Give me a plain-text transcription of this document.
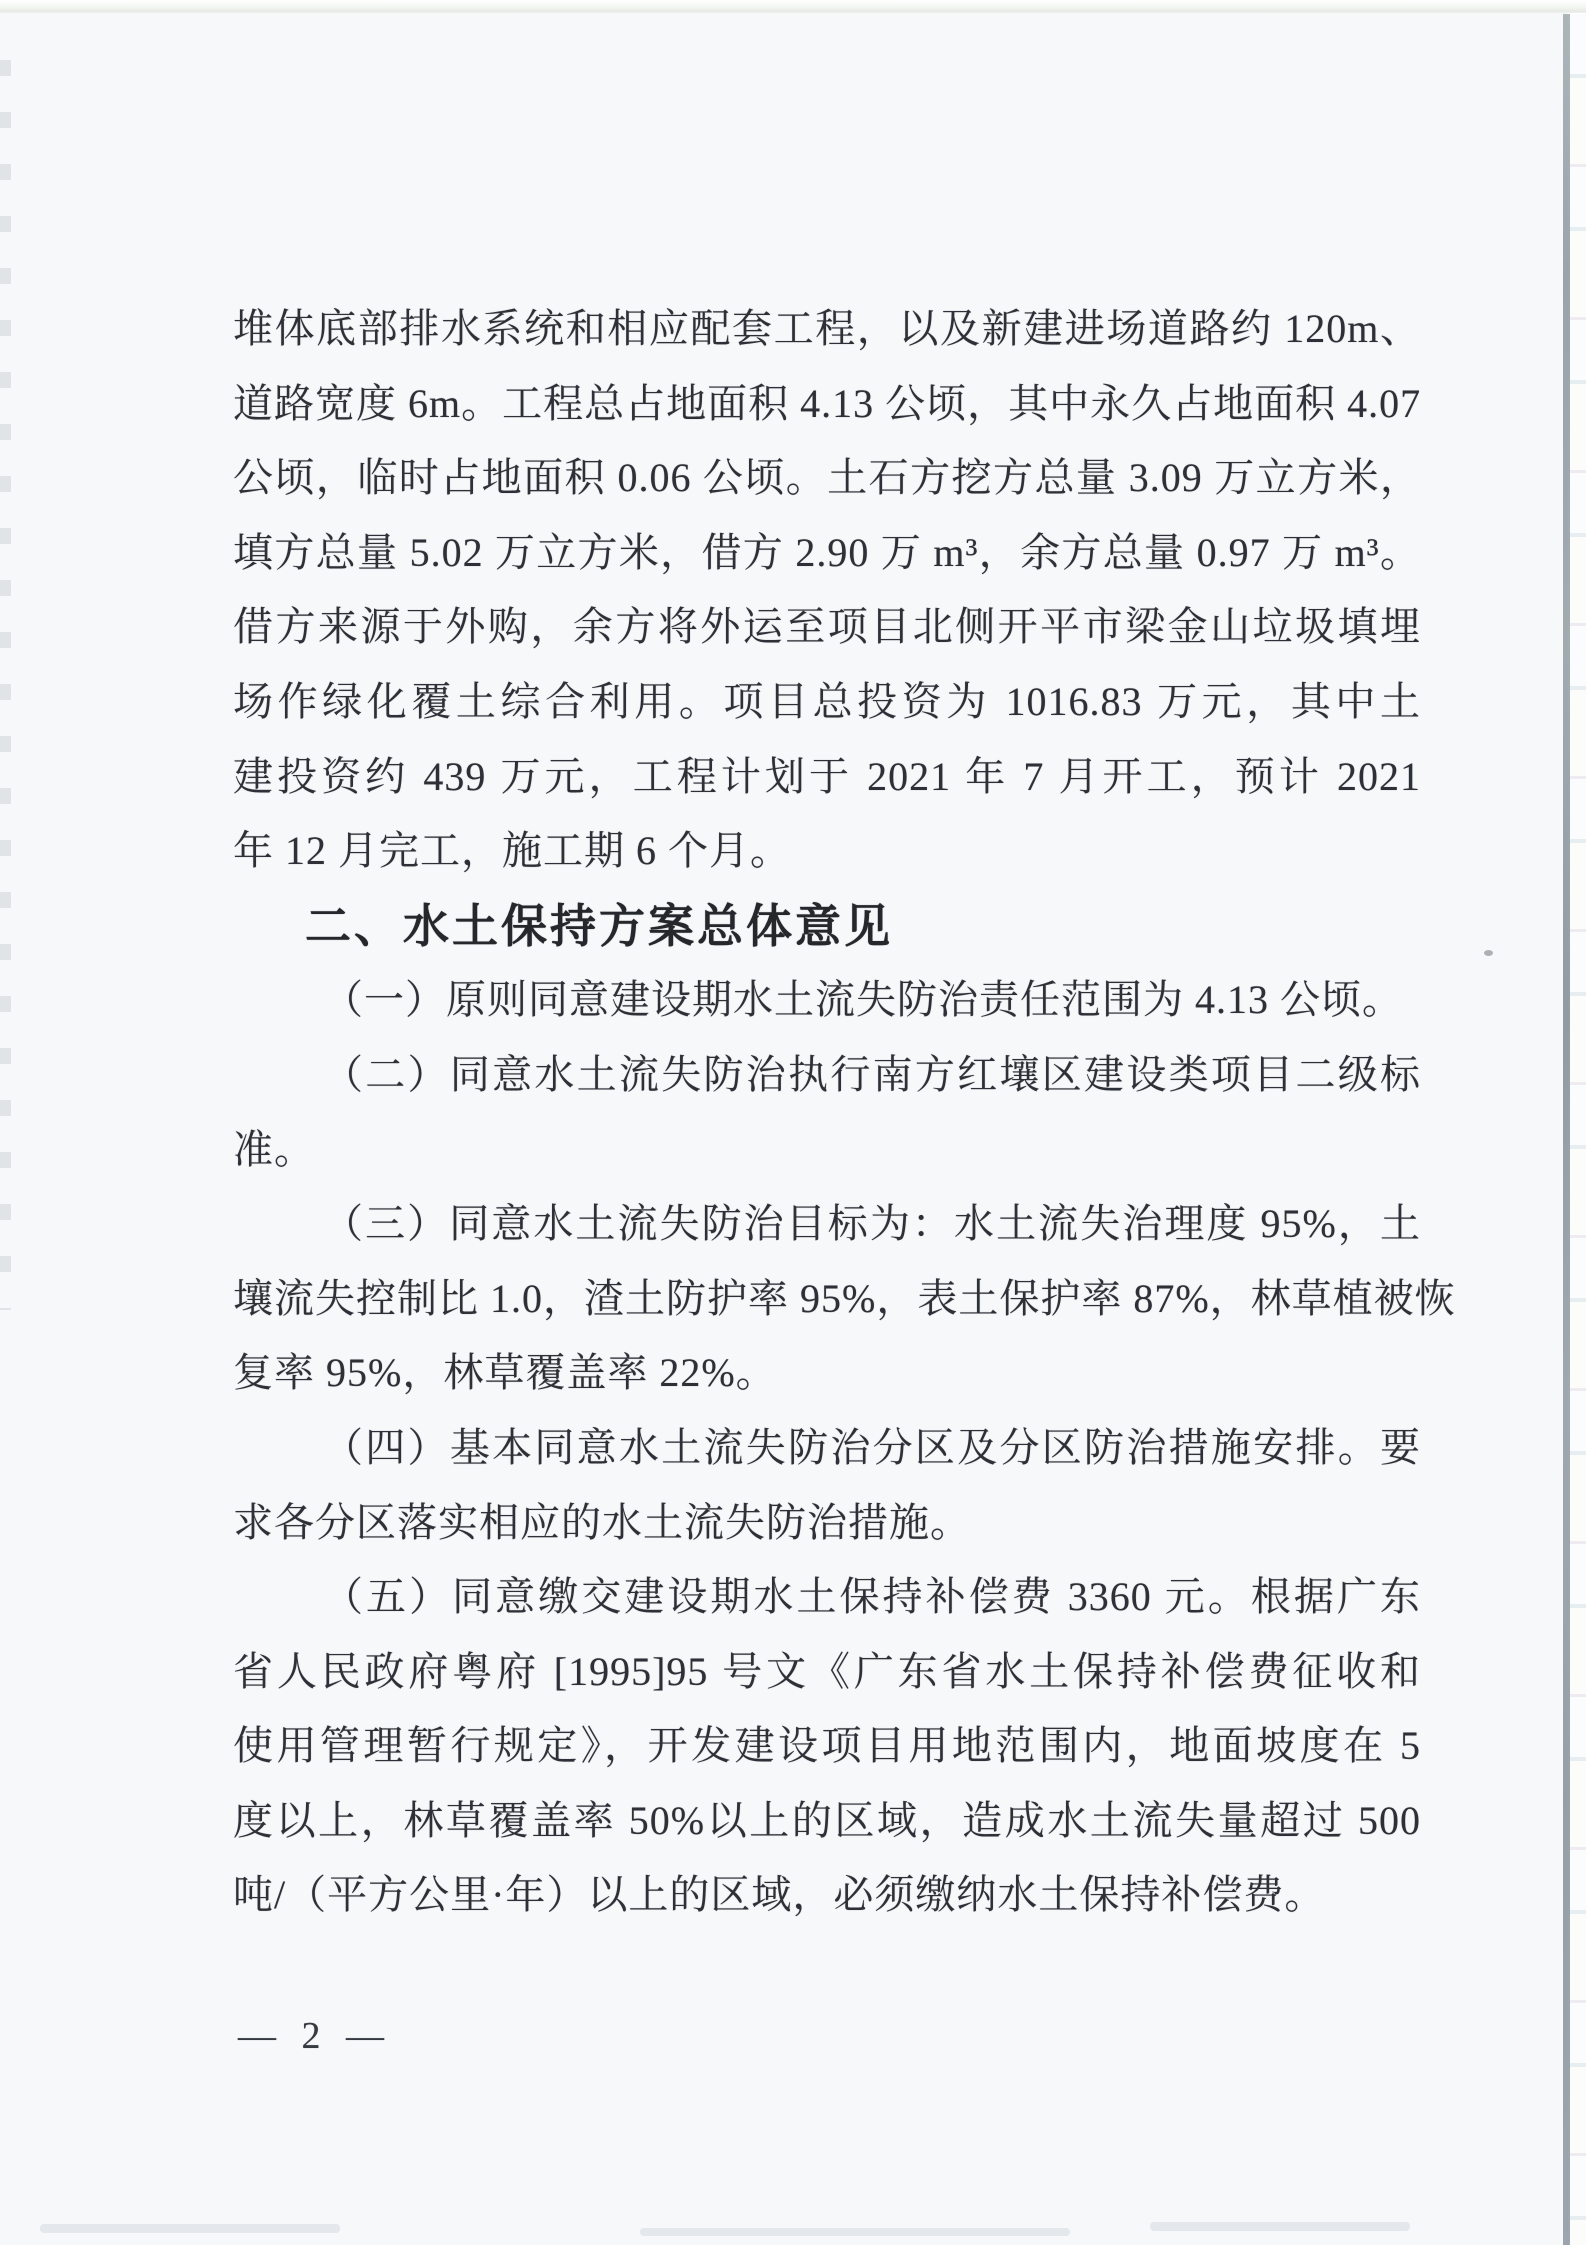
堆体底部排水系统和相应配套工程，以及新建进场道路约 120m、
道路宽度 6m。工程总占地面积 4.13 公顷，其中永久占地面积 4.07
公顷，临时占地面积 0.06 公顷。土石方挖方总量 3.09 万立方米，
填方总量 5.02 万立方米，借方 2.90 万 m³，余方总量 0.97 万 m³。
借方来源于外购，余方将外运至项目北侧开平市梁金山垃圾填埋
场作绿化覆土综合利用。项目总投资为 1016.83 万元，其中土
建投资约 439 万元，工程计划于 2021 年 7 月开工，预计 2021
年 12 月完工，施工期 6 个月。
二、水土保持方案总体意见
（一）原则同意建设期水土流失防治责任范围为 4.13 公顷。
（二）同意水土流失防治执行南方红壤区建设类项目二级标
准。
（三）同意水土流失防治目标为：水土流失治理度 95%，土
壤流失控制比 1.0，渣土防护率 95%，表土保护率 87%，林草植被恢
复率 95%，林草覆盖率 22%。
（四）基本同意水土流失防治分区及分区防治措施安排。要
求各分区落实相应的水土流失防治措施。
（五）同意缴交建设期水土保持补偿费 3360 元。根据广东
省人民政府粤府 [1995]95 号文《广东省水土保持补偿费征收和
使用管理暂行规定》，开发建设项目用地范围内，地面坡度在 5
度以上，林草覆盖率 50%以上的区域，造成水土流失量超过 500
吨/（平方公里·年）以上的区域，必须缴纳水土保持补偿费。
— 2 —
